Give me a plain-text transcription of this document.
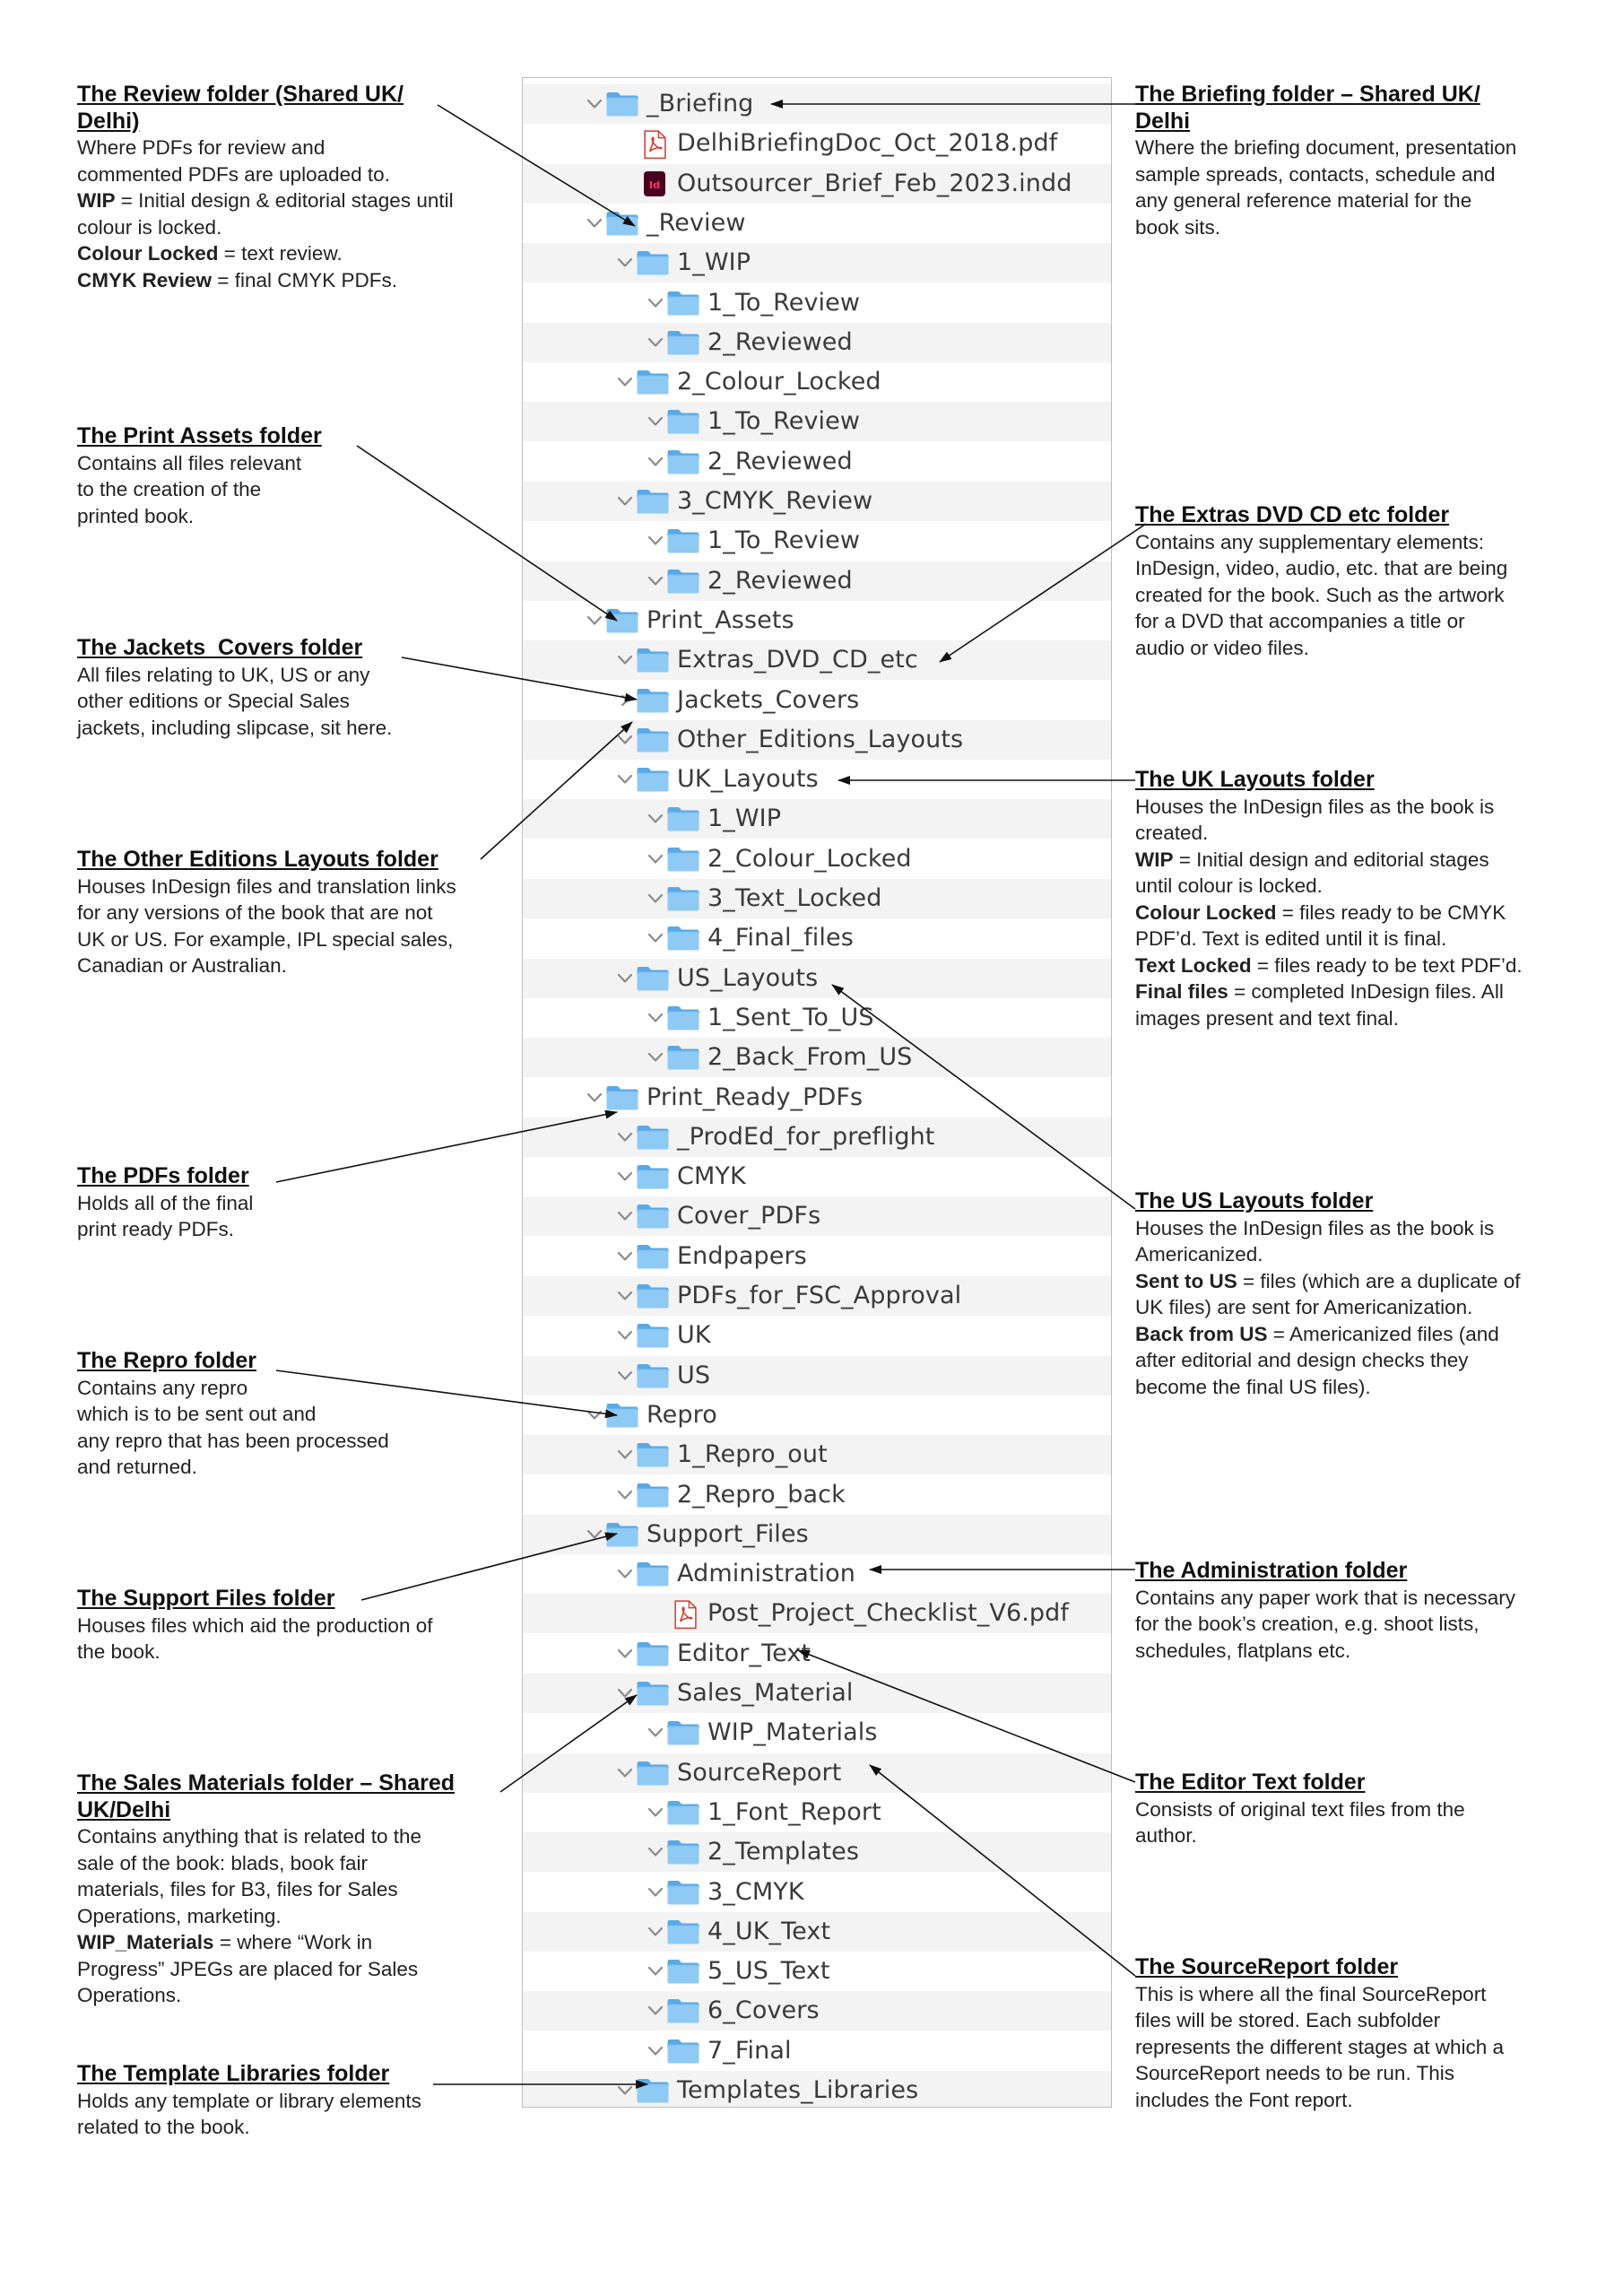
_Briefing
DelhiBriefingDoc_Oct_2018.pdf
Id Outsourcer_Brief_Feb_2023.indd
_Review
1_WIP
1_To_Review
2_Reviewed
2_Colour_Locked
1_To_Review
2_Reviewed
3_CMYK_Review
1_To_Review
2_Reviewed
Print_Assets
Extras_DVD_CD_etc
Jackets_Covers
Other_Editions_Layouts
UK_Layouts
1_WIP
2_Colour_Locked
3_Text_Locked
4_Final_files
US_Layouts
1_Sent_To_US
2_Back_From_US
Print_Ready_PDFs
_ProdEd_for_preflight
CMYK
Cover_PDFs
Endpapers
PDFs_for_FSC_Approval
UK
US
Repro
1_Repro_out
2_Repro_back
Support_Files
Administration
Post_Project_Checklist_V6.pdf
Editor_Text
Sales_Material
WIP_Materials
SourceReport
1_Font_Report
2_Templates
3_CMYK
4_UK_Text
5_US_Text
6_Covers
7_Final
Templates_Libraries
The Review folder (Shared UK/
Delhi)
Where PDFs for review and
commented PDFs are uploaded to.
WIP = Initial design & editorial stages until
colour is locked.
Colour Locked = text review.
CMYK Review = final CMYK PDFs.
The Print Assets folder
Contains all files relevant
to the creation of the
printed book.
The Jackets_Covers folder
All files relating to UK, US or any
other editions or Special Sales
jackets, including slipcase, sit here.
The Other Editions Layouts folder
Houses InDesign files and translation links
for any versions of the book that are not
UK or US. For example, IPL special sales,
Canadian or Australian.
The PDFs folder
Holds all of the final
print ready PDFs.
The Repro folder
Contains any repro
which is to be sent out and
any repro that has been processed
and returned.
The Support Files folder
Houses files which aid the production of
the book.
The Sales Materials folder – Shared
UK/Delhi
Contains anything that is related to the
sale of the book: blads, book fair
materials, files for B3, files for Sales
Operations, marketing.
WIP_Materials = where “Work in
Progress” JPEGs are placed for Sales
Operations.
The Template Libraries folder
Holds any template or library elements
related to the book.
The Briefing folder – Shared UK/
Delhi
Where the briefing document, presentation
sample spreads, contacts, schedule and
any general reference material for the
book sits.
The Extras DVD CD etc folder
Contains any supplementary elements:
InDesign, video, audio, etc. that are being
created for the book. Such as the artwork
for a DVD that accompanies a title or
audio or video files.
The UK Layouts folder
Houses the InDesign files as the book is
created.
WIP = Initial design and editorial stages
until colour is locked.
Colour Locked = files ready to be CMYK
PDF’d. Text is edited until it is final.
Text Locked = files ready to be text PDF’d.
Final files = completed InDesign files. All
images present and text final.
The US Layouts folder
Houses the InDesign files as the book is
Americanized.
Sent to US = files (which are a duplicate of
UK files) are sent for Americanization.
Back from US = Americanized files (and
after editorial and design checks they
become the final US files).
The Administration folder
Contains any paper work that is necessary
for the book’s creation, e.g. shoot lists,
schedules, flatplans etc.
The Editor Text folder
Consists of original text files from the
author.
The SourceReport folder
This is where all the final SourceReport
files will be stored. Each subfolder
represents the different stages at which a
SourceReport needs to be run. This
includes the Font report.
